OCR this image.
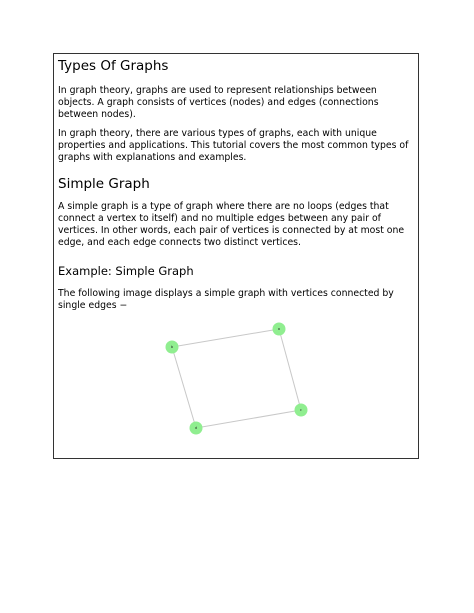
Types Of Graphs

In graph theory, graphs are used to represent relationships between objects. A graph consists of vertices (nodes) and edges (connections between nodes).

In graph theory, there are various types of graphs, each with unique properties and applications. This tutorial covers the most common types of graphs with explanations and examples.

Simple Graph

A simple graph is a type of graph where there are no loops (edges that connect a vertex to itself) and no multiple edges between any pair of vertices. In other words, each pair of vertices is connected by at most one edge, and each edge connects two distinct vertices.

Example: Simple Graph

The following image displays a simple graph with vertices connected by single edges −

a
b
c
d
